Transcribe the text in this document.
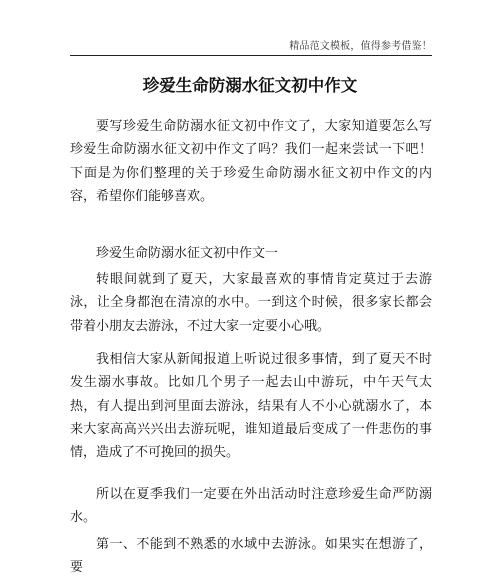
精品范文模板，值得参考借鉴！
珍爱生命防溺水征文初中作文

要写珍爱生命防溺水征文初中作文了，大家知道要怎么写珍爱生命防溺水征文初中作文了吗？我们一起来尝试一下吧！下面是为你们整理的关于珍爱生命防溺水征文初中作文的内容，希望你们能够喜欢。

珍爱生命防溺水征文初中作文一

转眼间就到了夏天，大家最喜欢的事情肯定莫过于去游泳，让全身都泡在清凉的水中。一到这个时候，很多家长都会带着小朋友去游泳，不过大家一定要小心哦。

我相信大家从新闻报道上听说过很多事情，到了夏天不时发生溺水事故。比如几个男子一起去山中游玩，中午天气太热，有人提出到河里面去游泳，结果有人不小心就溺水了，本来大家高高兴兴出去游玩呢，谁知道最后变成了一件悲伤的事情，造成了不可挽回的损失。

所以在夏季我们一定要在外出活动时注意珍爱生命严防溺水。

第一、不能到不熟悉的水域中去游泳。如果实在想游了，要
